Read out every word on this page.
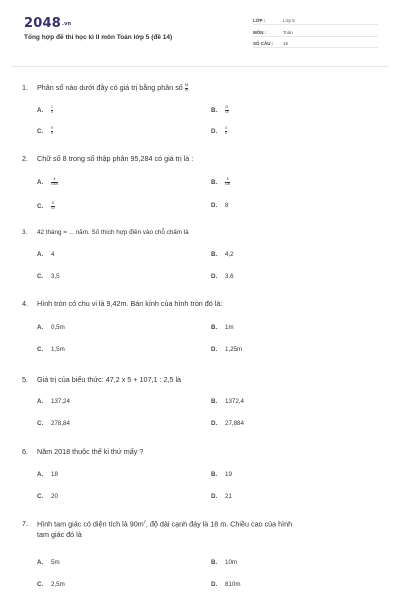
2048.vn
Tổng hợp đề thi học kì II môn Toán lớp 5 (đề 14)
LỚP :	Lớp 5
MÔN :	Toán
SỐ CÂU :	18
1. Phân số nào dưới đây có giá trị bằng phân số $\frac{54}{90}$
A. $\frac{1}{3}$	B. $\frac{21}{15}$
C. $\frac{9}{5}$	D. $\frac{3}{5}$
2. Chữ số 8 trong số thập phân 95,284 có giá trị là :
A. $\frac{8}{1000}$	B. $\frac{8}{100}$
C. $\frac{8}{10}$	D. 8
3. 42 tháng = ... năm. Số thích hợp điền vào chỗ chấm là
A. 4	B. 4,2
C. 3,5	D. 3,6
4. Hình tròn có chu vi là 9,42m. Bán kính của hình tròn đó là:
A. 0,5m	B. 1m
C. 1,5m	D. 1,25m
5. Giá trị của biểu thức: 47,2 x 5 + 107,1 : 2,5 là
A. 137,24	B. 1372,4
C. 278,84	D. 27,884
6. Năm 2018 thuộc thế kỉ thứ mấy ?
A. 18	B. 19
C. 20	D. 21
7. Hình tam giác có diện tích là $90m^2$, độ dài cạnh đáy là 18 m. Chiều cao của hình
tam giác đó là
A. 5m	B. 10m
C. 2,5m	D. 810m
